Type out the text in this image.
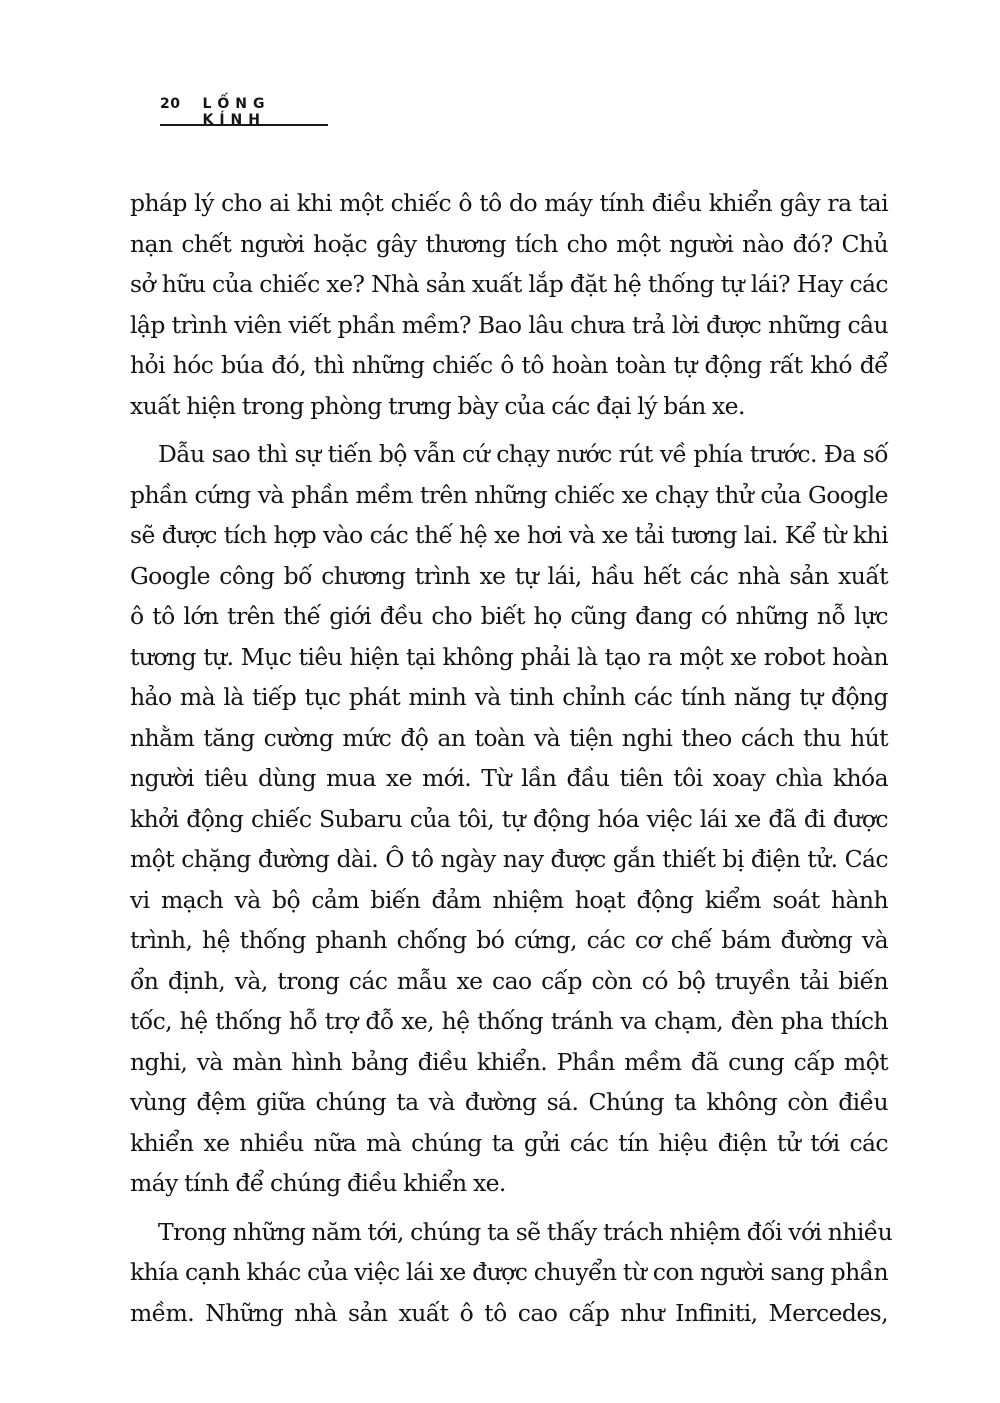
20 LỐNG KÍNH
pháp lý cho ai khi một chiếc ô tô do máy tính điều khiển gây ra tai
nạn chết người hoặc gây thương tích cho một người nào đó? Chủ
sở hữu của chiếc xe? Nhà sản xuất lắp đặt hệ thống tự lái? Hay các
lập trình viên viết phần mềm? Bao lâu chưa trả lời được những câu
hỏi hóc búa đó, thì những chiếc ô tô hoàn toàn tự động rất khó để
xuất hiện trong phòng trưng bày của các đại lý bán xe.
Dẫu sao thì sự tiến bộ vẫn cứ chạy nước rút về phía trước. Đa số
phần cứng và phần mềm trên những chiếc xe chạy thử của Google
sẽ được tích hợp vào các thế hệ xe hơi và xe tải tương lai. Kể từ khi
Google công bố chương trình xe tự lái, hầu hết các nhà sản xuất
ô tô lớn trên thế giới đều cho biết họ cũng đang có những nỗ lực
tương tự. Mục tiêu hiện tại không phải là tạo ra một xe robot hoàn
hảo mà là tiếp tục phát minh và tinh chỉnh các tính năng tự động
nhằm tăng cường mức độ an toàn và tiện nghi theo cách thu hút
người tiêu dùng mua xe mới. Từ lần đầu tiên tôi xoay chìa khóa
khởi động chiếc Subaru của tôi, tự động hóa việc lái xe đã đi được
một chặng đường dài. Ô tô ngày nay được gắn thiết bị điện tử. Các
vi mạch và bộ cảm biến đảm nhiệm hoạt động kiểm soát hành
trình, hệ thống phanh chống bó cứng, các cơ chế bám đường và
ổn định, và, trong các mẫu xe cao cấp còn có bộ truyền tải biến
tốc, hệ thống hỗ trợ đỗ xe, hệ thống tránh va chạm, đèn pha thích
nghi, và màn hình bảng điều khiển. Phần mềm đã cung cấp một
vùng đệm giữa chúng ta và đường sá. Chúng ta không còn điều
khiển xe nhiều nữa mà chúng ta gửi các tín hiệu điện tử tới các
máy tính để chúng điều khiển xe.
Trong những năm tới, chúng ta sẽ thấy trách nhiệm đối với nhiều
khía cạnh khác của việc lái xe được chuyển từ con người sang phần
mềm. Những nhà sản xuất ô tô cao cấp như Infiniti, Mercedes,
